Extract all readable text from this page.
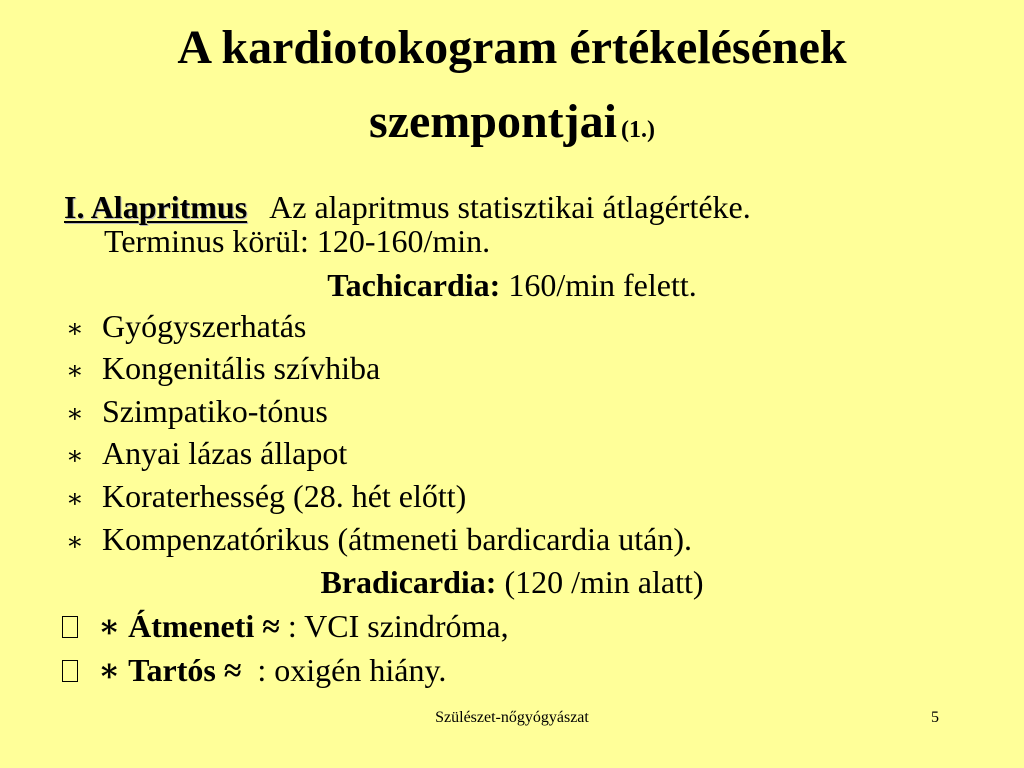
A kardiotokogram értékelésének
szempontjai (1.)
I. Alapritmus Az alapritmus statisztikai átlagértéke.
Terminus körül: 120-160/min.
Tachicardia: 160/min felett.
∗ Gyógyszerhatás
∗ Kongenitális szívhiba
∗ Szimpatiko-tónus
∗ Anyai lázas állapot
∗ Koraterhesség (28. hét előtt)
∗ Kompenzatórikus (átmeneti bardicardia után).
Bradicardia: (120 /min alatt)
∗ Átmeneti ≈ : VCI szindróma,
∗ Tartós ≈ : oxigén hiány.
Szülészet-nőgyógyászat	5
